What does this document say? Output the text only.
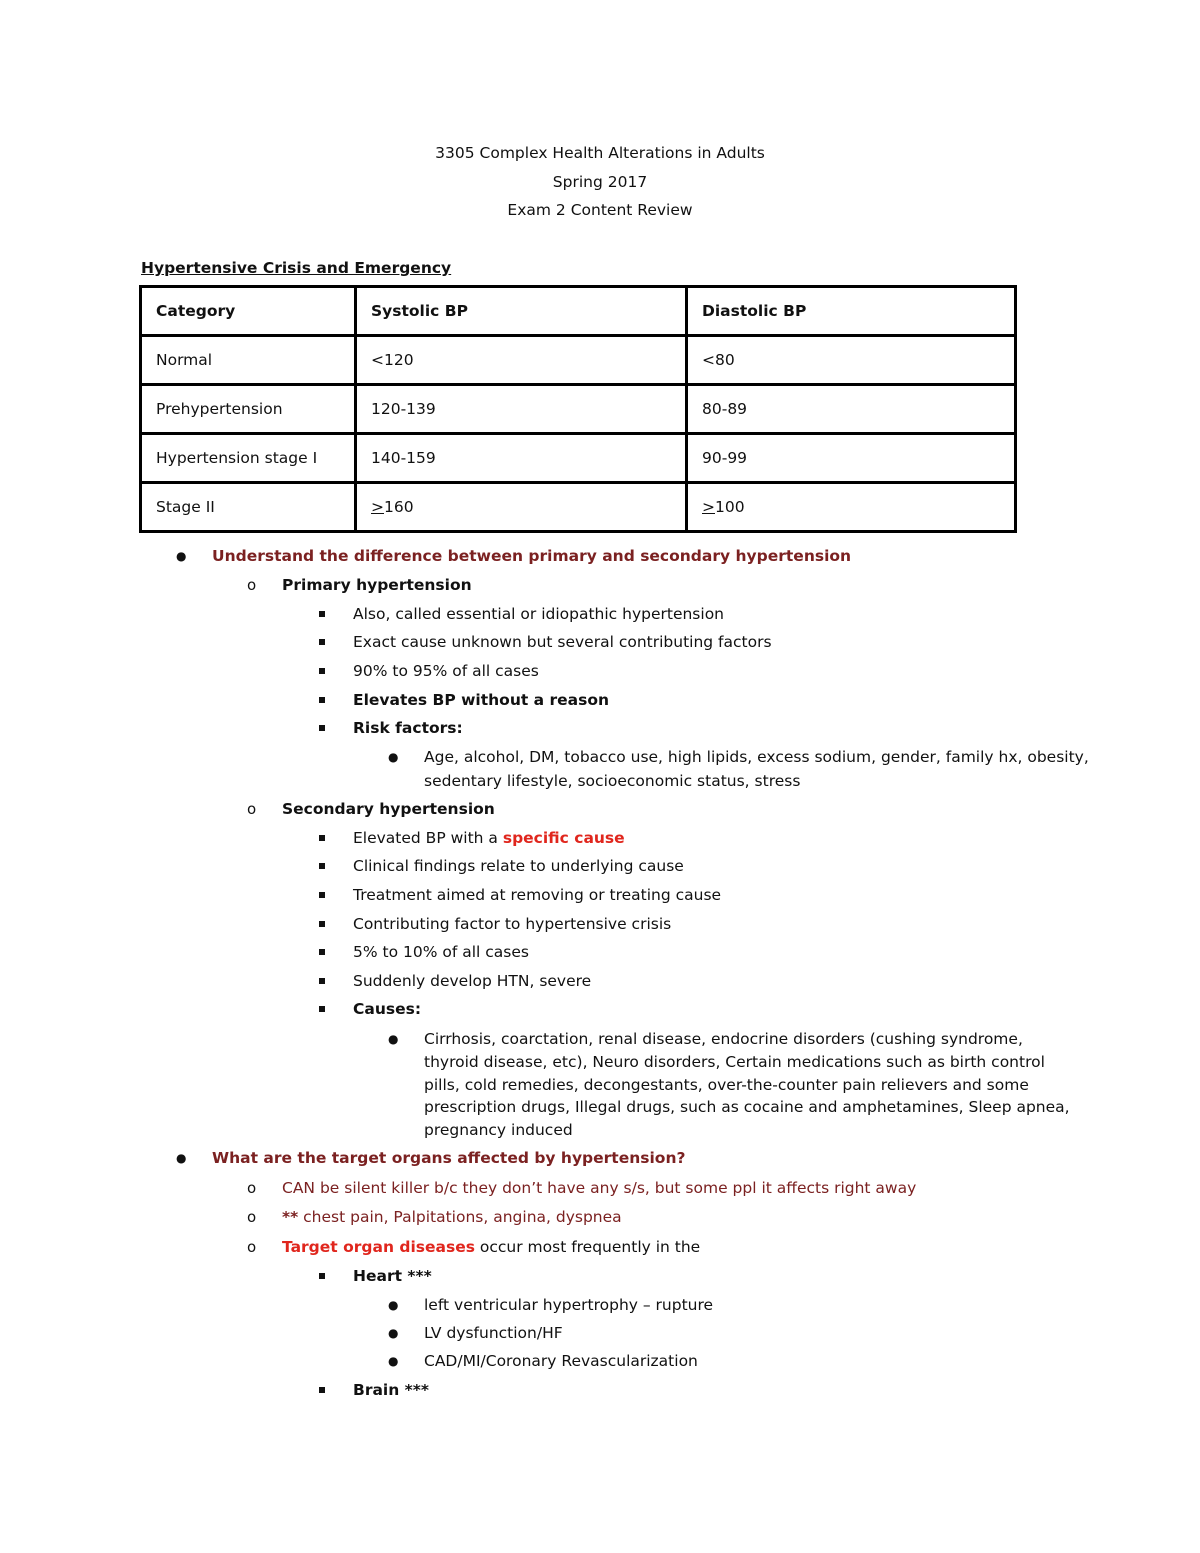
3305 Complex Health Alterations in Adults
Spring 2017
Exam 2 Content Review
Hypertensive Crisis and Emergency
Category	Systolic BP	Diastolic BP
Normal	<120	<80
Prehypertension	120-139	80-89
Hypertension stage I	140-159	90-99
Stage II	≥160	≥100
● Understand the difference between primary and secondary hypertension
o Primary hypertension
Also, called essential or idiopathic hypertension
Exact cause unknown but several contributing factors
90% to 95% of all cases
Elevates BP without a reason
Risk factors:
● Age, alcohol, DM, tobacco use, high lipids, excess sodium, gender, family hx, obesity,
sedentary lifestyle, socioeconomic status, stress
o Secondary hypertension
Elevated BP with a specific cause
Clinical findings relate to underlying cause
Treatment aimed at removing or treating cause
Contributing factor to hypertensive crisis
5% to 10% of all cases
Suddenly develop HTN, severe
Causes:
● Cirrhosis, coarctation, renal disease, endocrine disorders (cushing syndrome,
thyroid disease, etc), Neuro disorders, Certain medications such as birth control
pills, cold remedies, decongestants, over-the-counter pain relievers and some
prescription drugs, Illegal drugs, such as cocaine and amphetamines, Sleep apnea,
pregnancy induced
● What are the target organs affected by hypertension?
o CAN be silent killer b/c they don’t have any s/s, but some ppl it affects right away
o ** chest pain, Palpitations, angina, dyspnea
o Target organ diseases occur most frequently in the
Heart ***
● left ventricular hypertrophy – rupture
● LV dysfunction/HF
● CAD/MI/Coronary Revascularization
Brain ***
